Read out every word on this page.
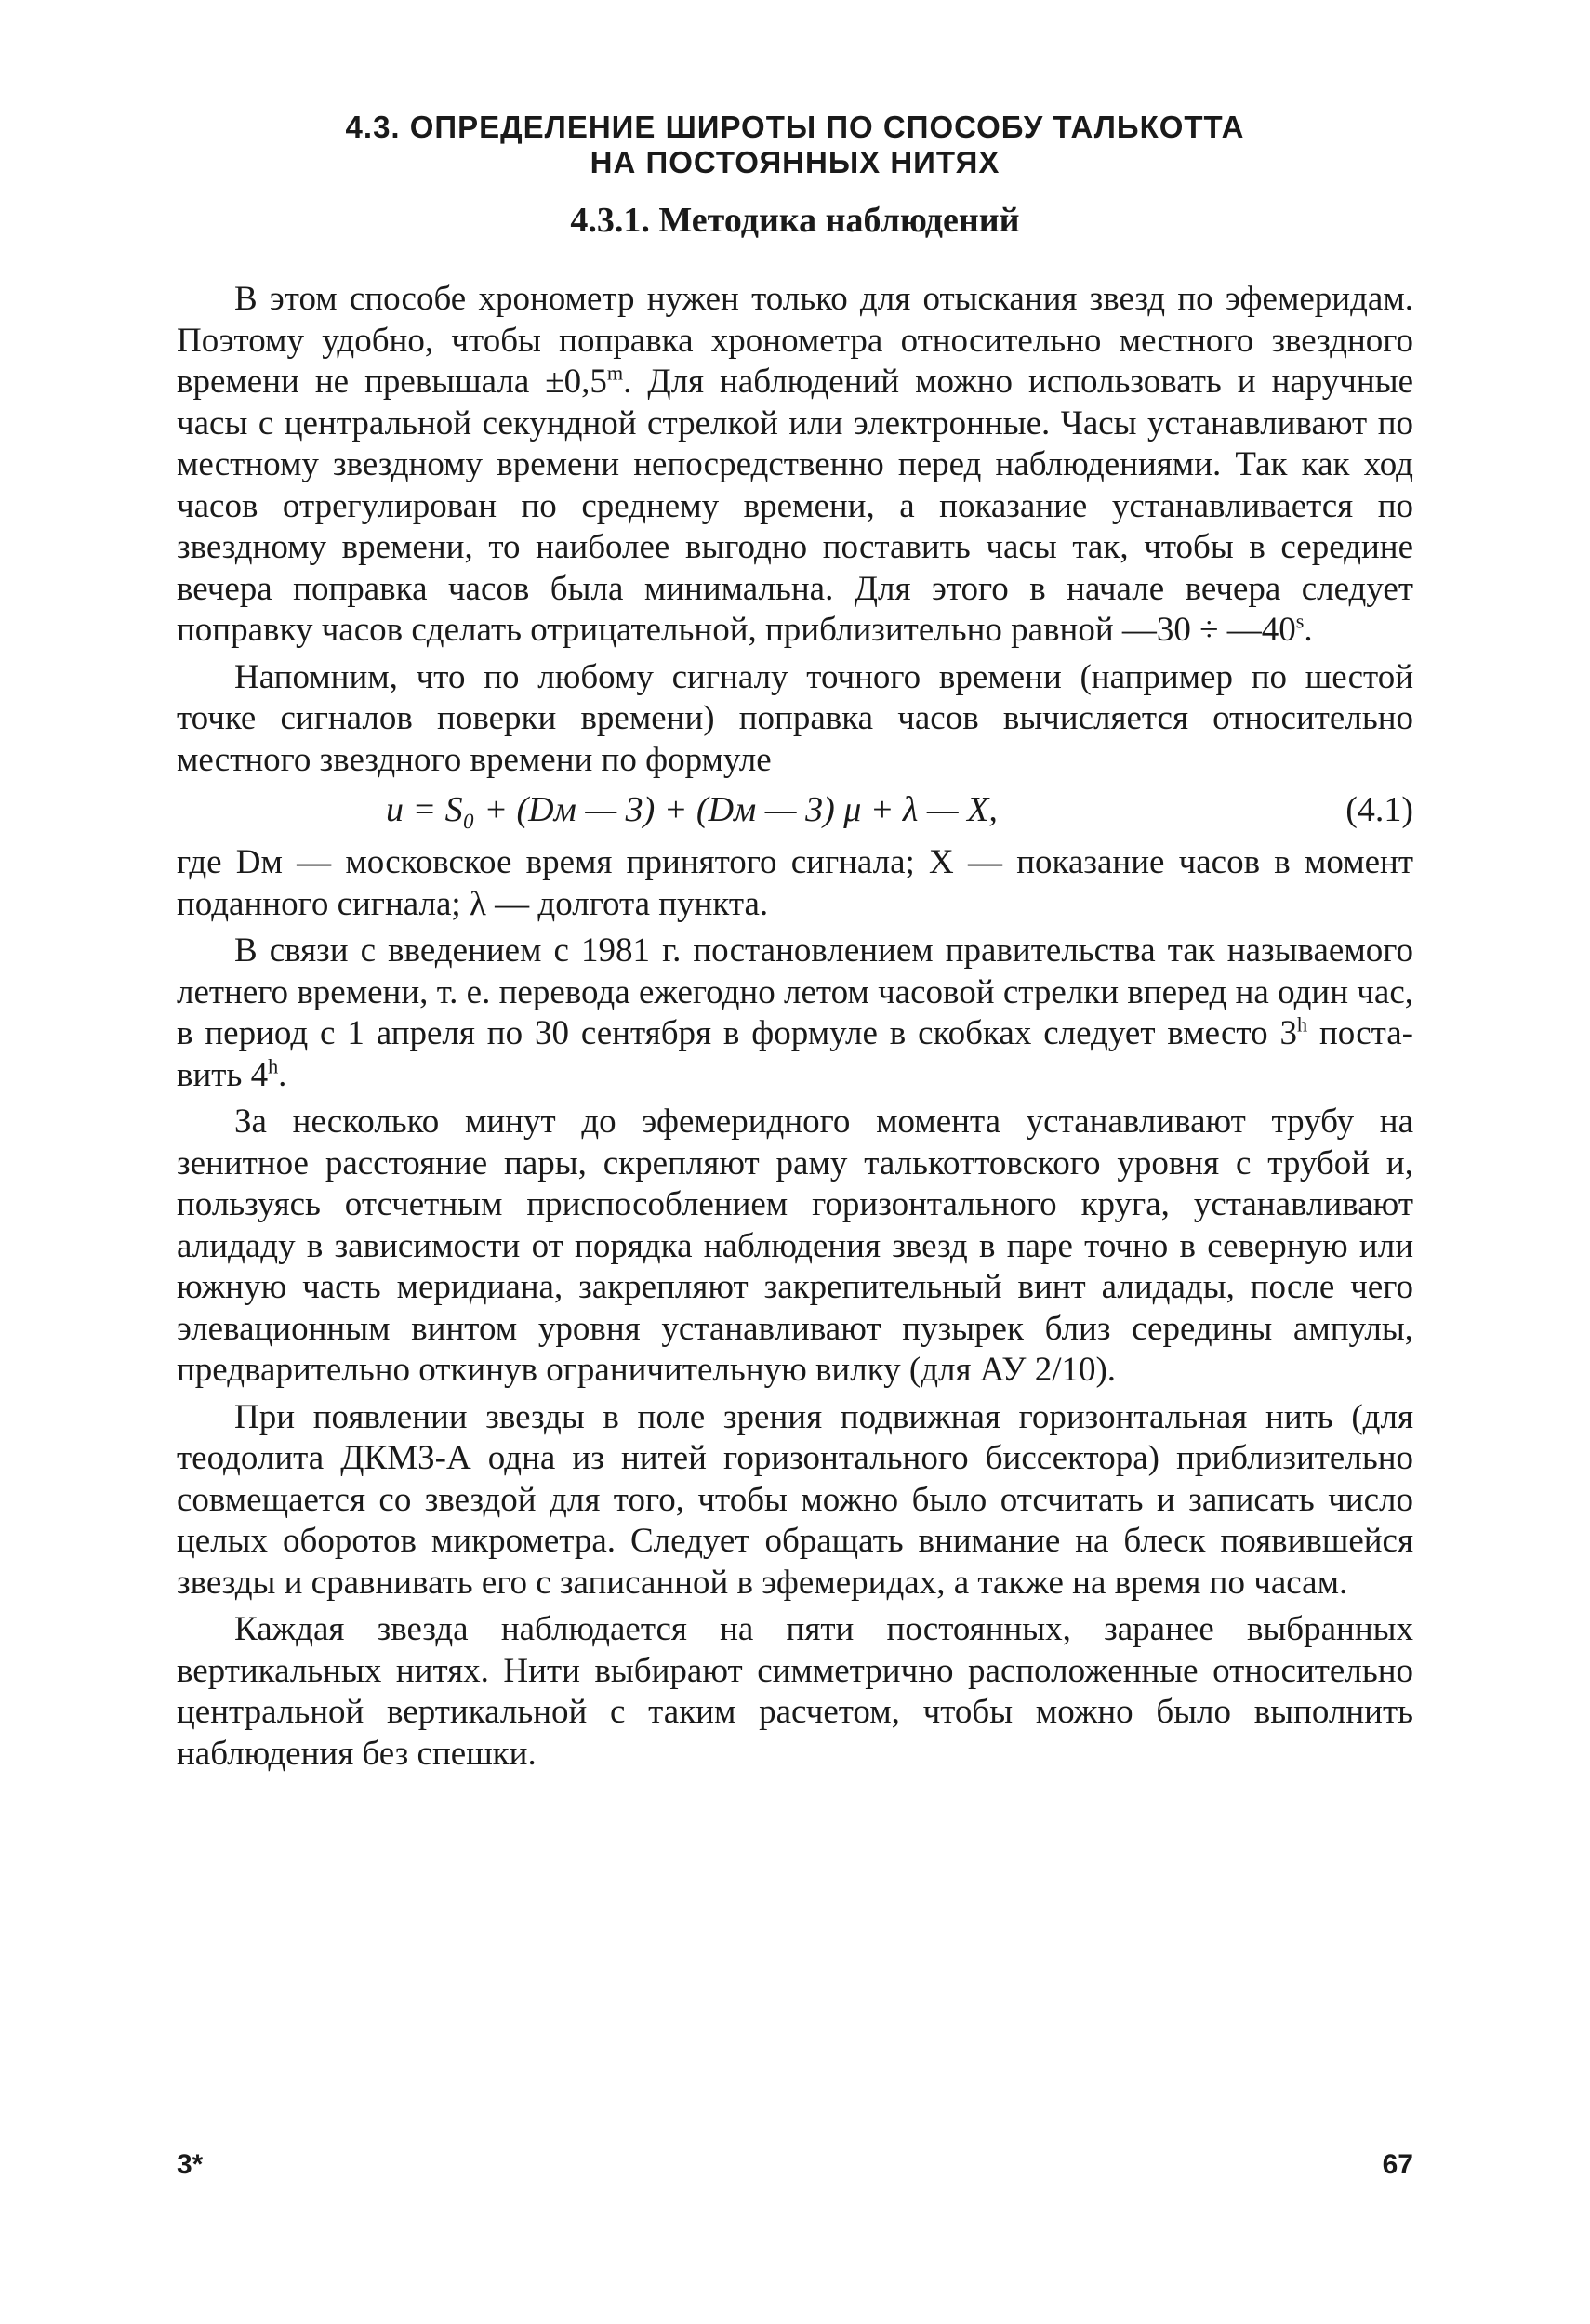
4.3. ОПРЕДЕЛЕНИЕ ШИРОТЫ ПО СПОСОБУ ТАЛЬКОТТА
НА ПОСТОЯННЫХ НИТЯХ
4.3.1. Методика наблюдений

В этом способе хронометр нужен только для отыскания звезд по эфемеридам. Поэтому удобно, чтобы поправка хронометра относительно местного звездного времени не превышала $\pm 0,5^m$. Для наблюдений можно использовать и наручные часы с центральной секундной стрелкой или электронные. Часы устанавливают по местному звездному времени непосредственно перед наблюдениями. Так как ход часов отрегулирован по среднему времени, а показание устанавливается по звездному времени, то наиболее выгодно поставить часы так, чтобы в середине вечера поправка часов была минимальна. Для этого в начале вечера следует поправку часов сделать отрицательной, приблизительно равной —30 ÷ $—40^s$.

Напомним, что по любому сигналу точного времени (например по шестой точке сигналов поверки времени) поправка часов вычисляется относительно местного звездного времени по формуле

u = S₀ + (Dм — 3) + (Dм — 3) μ + λ — X,	(4.1)

где Dм — московское время принятого сигнала; X — показание часов в момент поданного сигнала; λ — долгота пункта.

В связи с введением с 1981 г. постановлением правительства так называемого летнего времени, т. е. перевода ежегодно летом часовой стрелки вперед на один час, в период с 1 апреля по 30 сентября в формуле в скобках следует вместо 3$^h$ поставить 4$^h$.

За несколько минут до эфемеридного момента устанавливают трубу на зенитное расстояние пары, скрепляют раму талькоттовского уровня с трубой и, пользуясь отсчетным приспособлением горизонтального круга, устанавливают алидаду в зависимости от порядка наблюдения звезд в паре точно в северную или южную часть меридиана, закрепляют закрепительный винт алидады, после чего элевационным винтом уровня устанавливают пузырек близ середины ампулы, предварительно откинув ограничительную вилку (для АУ 2/10).

При появлении звезды в поле зрения подвижная горизонтальная нить (для теодолита ДКМЗ-А одна из нитей горизонтального биссектора) приблизительно совмещается со звездой для того, чтобы можно было отсчитать и записать число целых оборотов микрометра. Следует обращать внимание на блеск появившейся звезды и сравнивать его с записанной в эфемеридах, а также на время по часам.

Каждая звезда наблюдается на пяти постоянных, заранее выбранных вертикальных нитях. Нити выбирают симметрично расположенные относительно центральной вертикальной с таким расчетом, чтобы можно было выполнить наблюдения без спешки.

3*	67
